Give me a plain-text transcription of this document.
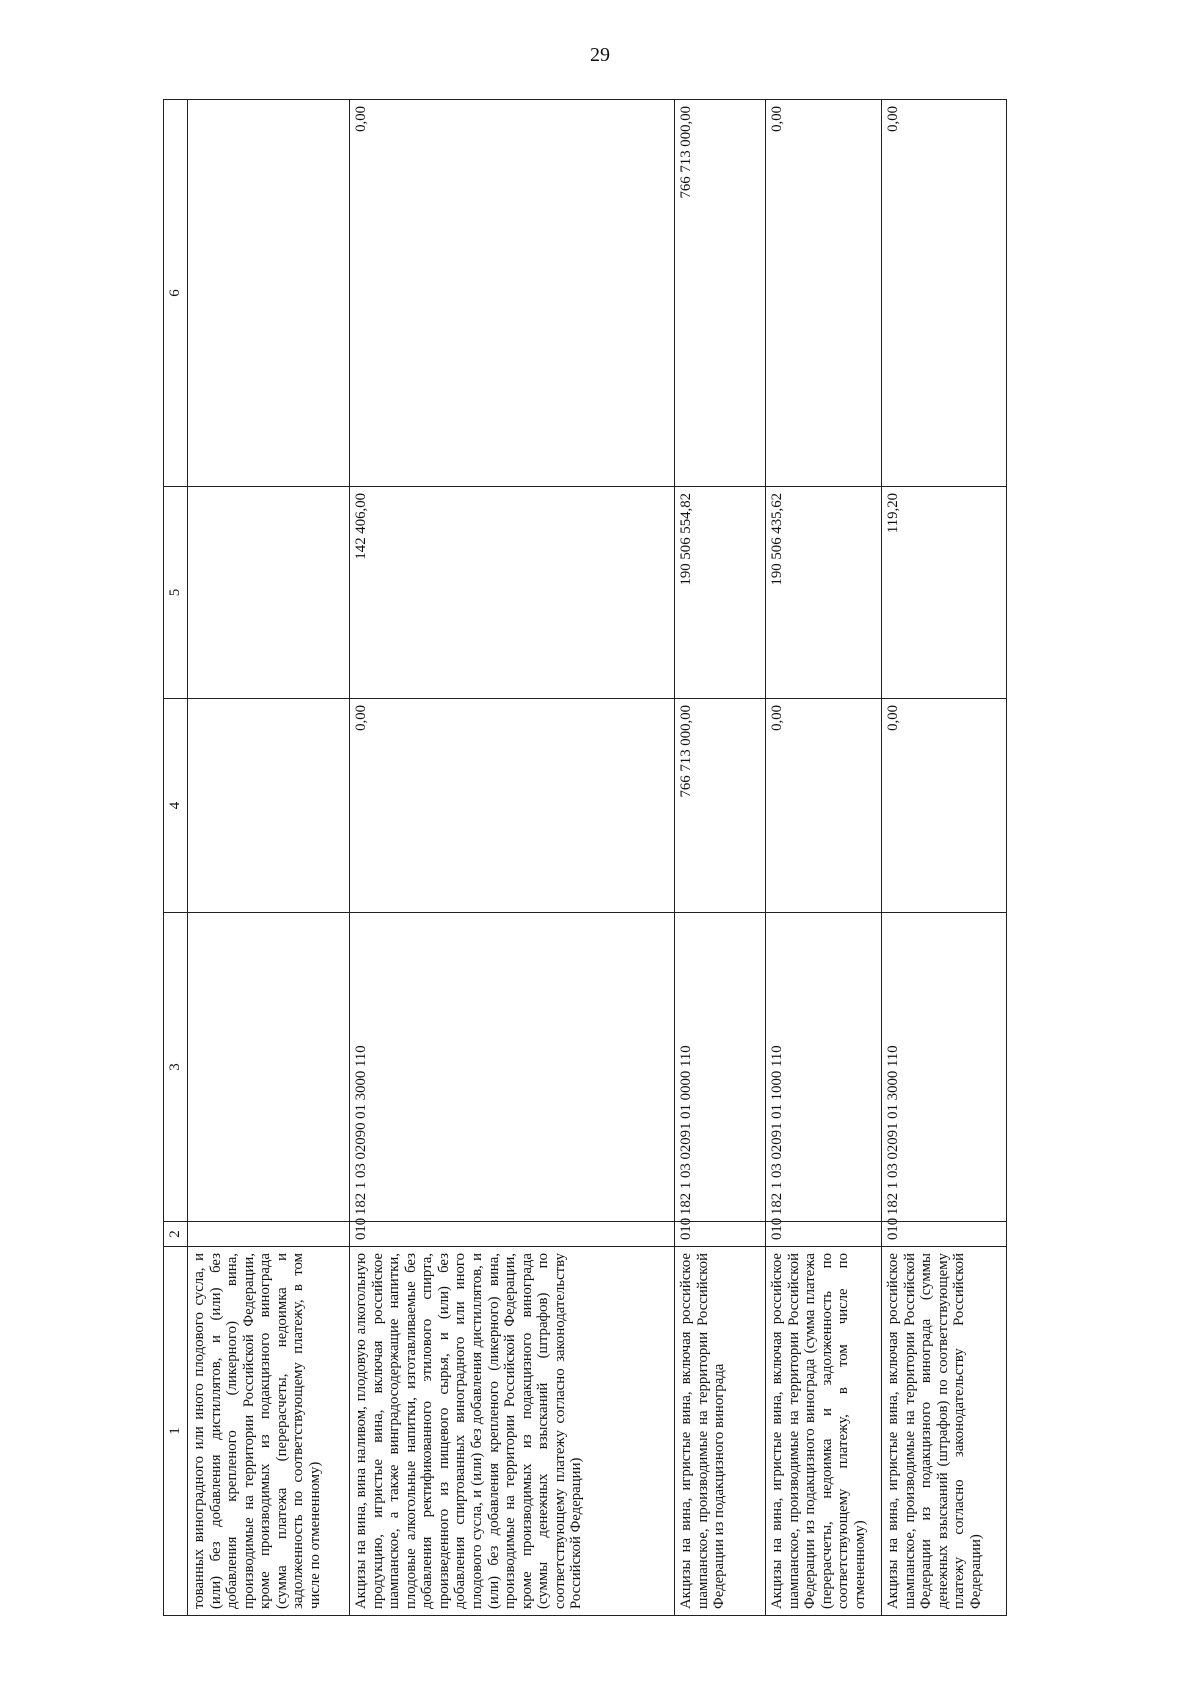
29
1	2	3	4	5	6
тованных виноградного или иного плодового сусла, и (или) без добавления дистиллятов, и (или) без добавления крепленого (ликерного) вина, производимые на территории Российской Федерации, кроме производимых из подакцизного винограда (сумма платежа (перерасчеты, недоимка и задолженность по соответствующему платежу, в том числе по отмененному)					
Акцизы на вина, вина наливом, плодовую алкогольную продукцию, игристые вина, включая российское шампанское, а также винградосодержащие напитки, плодовые алкогольные напитки, изготавливаемые без добавления ректификованного этилового спирта, произведенного из пищевого сырья, и (или) без добавления спиртованных виноградного или иного плодового сусла, и (или) без добавления дистиллятов, и (или) без добавления крепленого (ликерного) вина, производимые на территории Российской Федерации, кроме производимых из подакцизного винограда (суммы денежных взысканий (штрафов) по соответствующему платежу согласно законодательству Российской Федерации)	010	182 1 03 02090 01 3000 110	0,00	142 406,00	0,00
Акцизы на вина, игристые вина, включая российское шампанское, производимые на территории Российской Федерации из подакцизного винограда	010	182 1 03 02091 01 0000 110	766 713 000,00	190 506 554,82	766 713 000,00
Акцизы на вина, игристые вина, включая российское шампанское, производимые на территории Российской Федерации из подакцизного винограда (сумма платежа (перерасчеты, недоимка и задолженность по соответствующему платежу, в том числе по отмененному)	010	182 1 03 02091 01 1000 110	0,00	190 506 435,62	0,00
Акцизы на вина, игристые вина, включая российское шампанское, производимые на территории Российской Федерации из подакцизного винограда (суммы денежных взысканий (штрафов) по соответствующему платежу согласно законодательству Российской Федерации)	010	182 1 03 02091 01 3000 110	0,00	119,20	0,00
